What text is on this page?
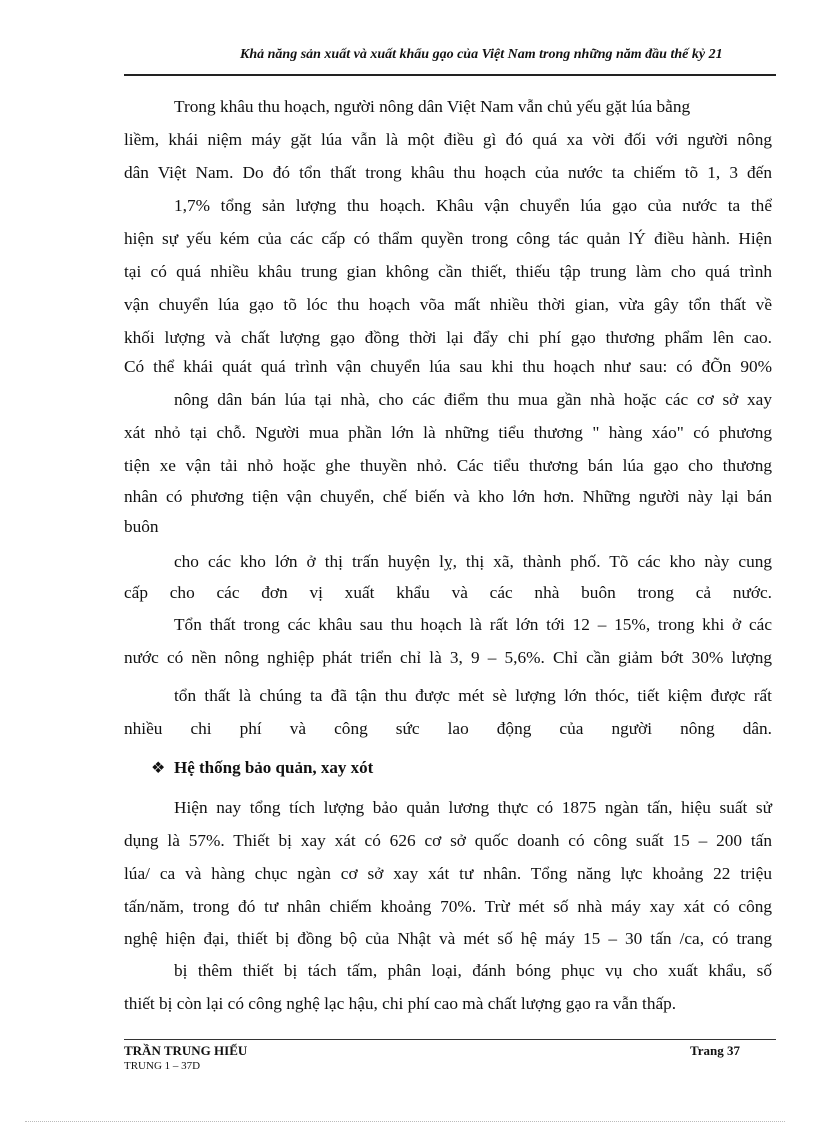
Khả năng sản xuất và xuất khẩu gạo của Việt Nam trong những năm đầu thế kỷ 21
Trong khâu thu hoạch, người nông dân Việt Nam vẫn chủ yếu gặt lúa bằng
liềm, khái niệm máy gặt lúa vẫn là một điều gì đó quá xa vời đối với người nông
dân Việt Nam. Do đó tổn thất trong khâu thu hoạch của nước ta chiếm tõ 1, 3 đến
1,7% tổng sản lượng thu hoạch. Khâu vận chuyển lúa gạo của nước ta thể
hiện sự yếu kém của các cấp có thẩm quyền trong công tác quản lÝ điều hành. Hiện
tại có quá nhiều khâu trung gian không cần thiết, thiếu tập trung làm cho quá trình
vận chuyển lúa gạo tõ lóc thu hoạch võa mất nhiều thời gian, vừa gây tổn thất về
khối lượng và chất lượng gạo đồng thời lại đẩy chi phí gạo thương phẩm lên cao.
Có thể khái quát quá trình vận chuyển lúa sau khi thu hoạch như sau: có đÕn 90%
nông dân bán lúa tại nhà, cho các điểm thu mua gần nhà hoặc các cơ sở xay
xát nhỏ tại chỗ. Người mua phần lớn là những tiểu thương " hàng xáo" có phương
tiện xe vận tải nhỏ hoặc ghe thuyền nhỏ. Các tiểu thương bán lúa gạo cho thương
nhân có phương tiện vận chuyển, chế biến và kho lớn hơn. Những người này lại bán
buôn
cho các kho lớn ở thị trấn huyện lỵ, thị xã, thành phố. Tõ các kho này cung
cấp cho các đơn vị xuất khẩu và các nhà buôn trong cả nước.
Tổn thất trong các khâu sau thu hoạch là rất lớn tới 12 – 15%, trong khi ở các
nước có nền nông nghiệp phát triển chỉ là 3, 9 – 5,6%. Chỉ cần giảm bớt 30% lượng
tổn thất là chúng ta đã tận thu được mét sè lượng lớn thóc, tiết kiệm được rất
nhiều chi phí và công sức lao động của người nông dân.
❖ Hệ thống bảo quản, xay xót
Hiện nay tổng tích lượng bảo quản lương thực có 1875 ngàn tấn, hiệu suất sử
dụng là 57%. Thiết bị xay xát có 626 cơ sở quốc doanh có công suất 15 – 200 tấn
lúa/ ca và hàng chục ngàn cơ sở xay xát tư nhân. Tổng năng lực khoảng 22 triệu
tấn/năm, trong đó tư nhân chiếm khoảng 70%. Trừ mét số nhà máy xay xát có công
nghệ hiện đại, thiết bị đồng bộ của Nhật và mét số hệ máy 15 – 30 tấn /ca, có trang
bị thêm thiết bị tách tấm, phân loại, đánh bóng phục vụ cho xuất khẩu, số
thiết bị còn lại có công nghệ lạc hậu, chi phí cao mà chất lượng gạo ra vẫn thấp.
TRẦN TRUNG HIẾU
TRUNG 1 – 37D
Trang 37
